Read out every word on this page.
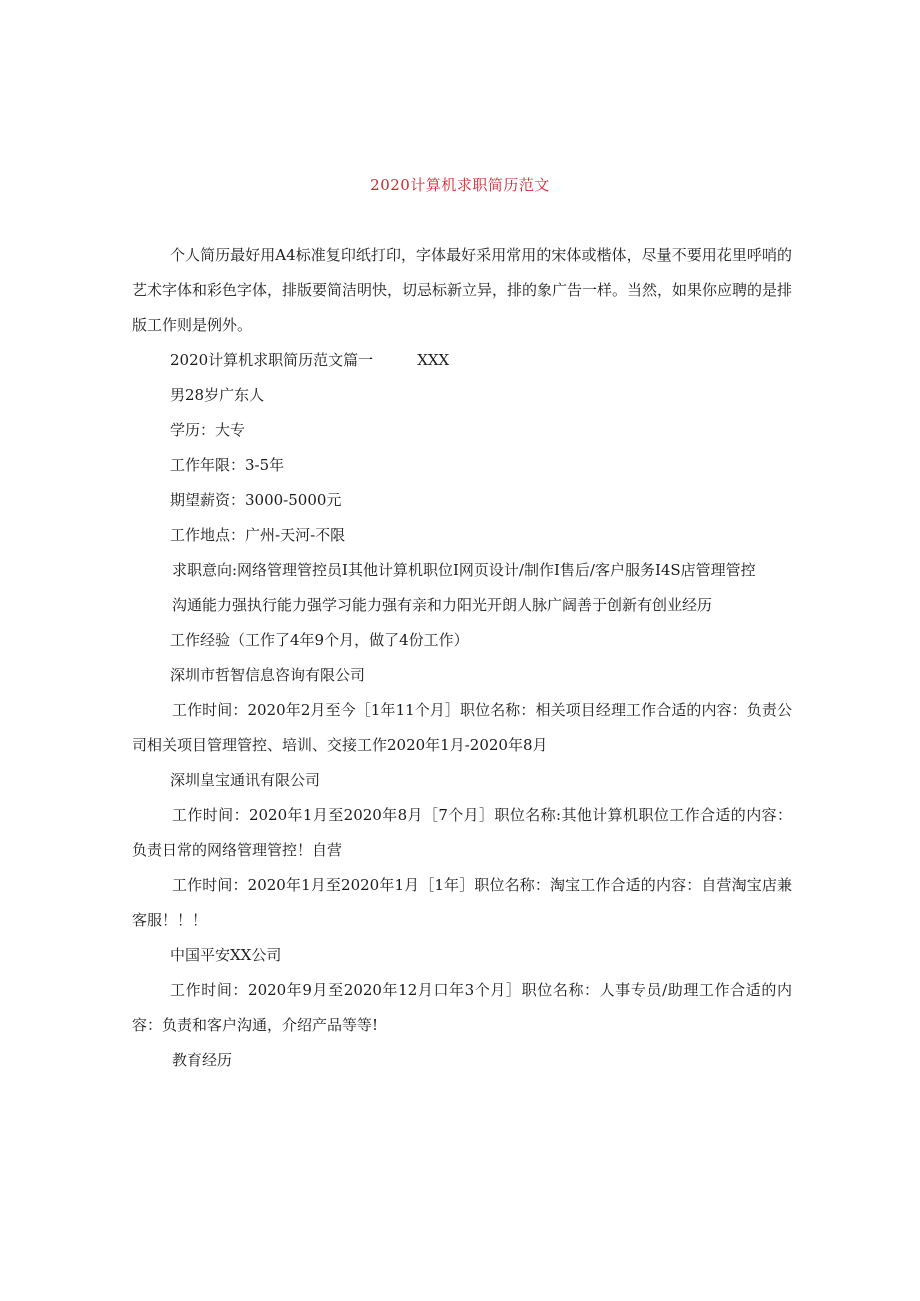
2020计算机求职简历范文

个人简历最好用A4标准复印纸打印，字体最好采用常用的宋体或楷体，尽量不要用花里呼哨的艺术字体和彩色字体，排版要简洁明快，切忌标新立异，排的象广告一样。当然，如果你应聘的是排版工作则是例外。

2020计算机求职简历范文篇一	XXX

男28岁广东人

学历：大专

工作年限：3-5年

期望薪资：3000-5000元

工作地点：广州-天河-不限

求职意向:网络管理管控员I其他计算机职位I网页设计/制作I售后/客户服务I4S店管理管控

沟通能力强执行能力强学习能力强有亲和力阳光开朗人脉广阔善于创新有创业经历

工作经验（工作了4年9个月，做了4份工作）

深圳市哲智信息咨询有限公司

工作时间：2020年2月至今［1年11个月］职位名称：相关项目经理工作合适的内容：负责公司相关项目管理管控、培训、交接工作2020年1月-2020年8月

深圳皇宝通讯有限公司

工作时间：2020年1月至2020年8月［7个月］职位名称:其他计算机职位工作合适的内容：负责日常的网络管理管控！自营

工作时间：2020年1月至2020年1月［1年］职位名称：淘宝工作合适的内容：自营淘宝店兼客服！！！

中国平安XX公司

工作时间：2020年9月至2020年12月口年3个月］职位名称：人事专员/助理工作合适的内容：负责和客户沟通，介绍产品等等!

教育经历
